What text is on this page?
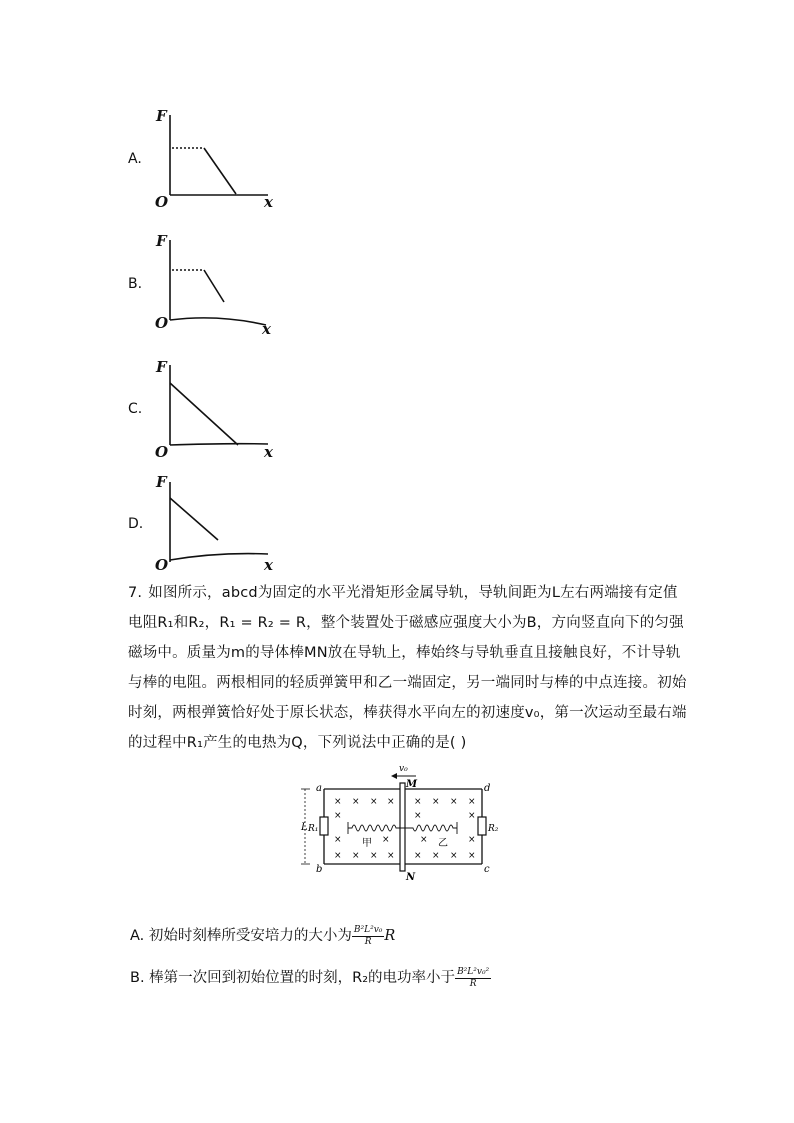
A.
F
O	x
B.
F
O	x
C.
F
O	x
D.
F
O	x
7. 如图所示，abcd为固定的水平光滑矩形金属导轨，导轨间距为L左右两端接有定值电阻R₁和R₂，R₁ = R₂ = R，整个装置处于磁感应强度大小为B，方向竖直向下的匀强磁场中。质量为m的导体棒MN放在导轨上，棒始终与导轨垂直且接触良好，不计导轨与棒的电阻。两根相同的轻质弹簧甲和乙一端固定，另一端同时与棒的中点连接。初始时刻，两根弹簧恰好处于原长状态，棒获得水平向左的初速度v₀，第一次运动至最右端的过程中R₁产生的电热为Q，下列说法中正确的是( )
v₀
L
a
b	c
d
M
N
R₁	R₂
甲	乙
× × × × × × × ×
×	×	×
×	×	×	×
× × × × × × × ×
A. 初始时刻棒所受安培力的大小为 $\frac{\text{B²L²v₀}}{R}$ R
B. 棒第一次回到初始位置的时刻，R₂的电功率小于 $\frac{\text{B²L²v₀²}}{R}$
